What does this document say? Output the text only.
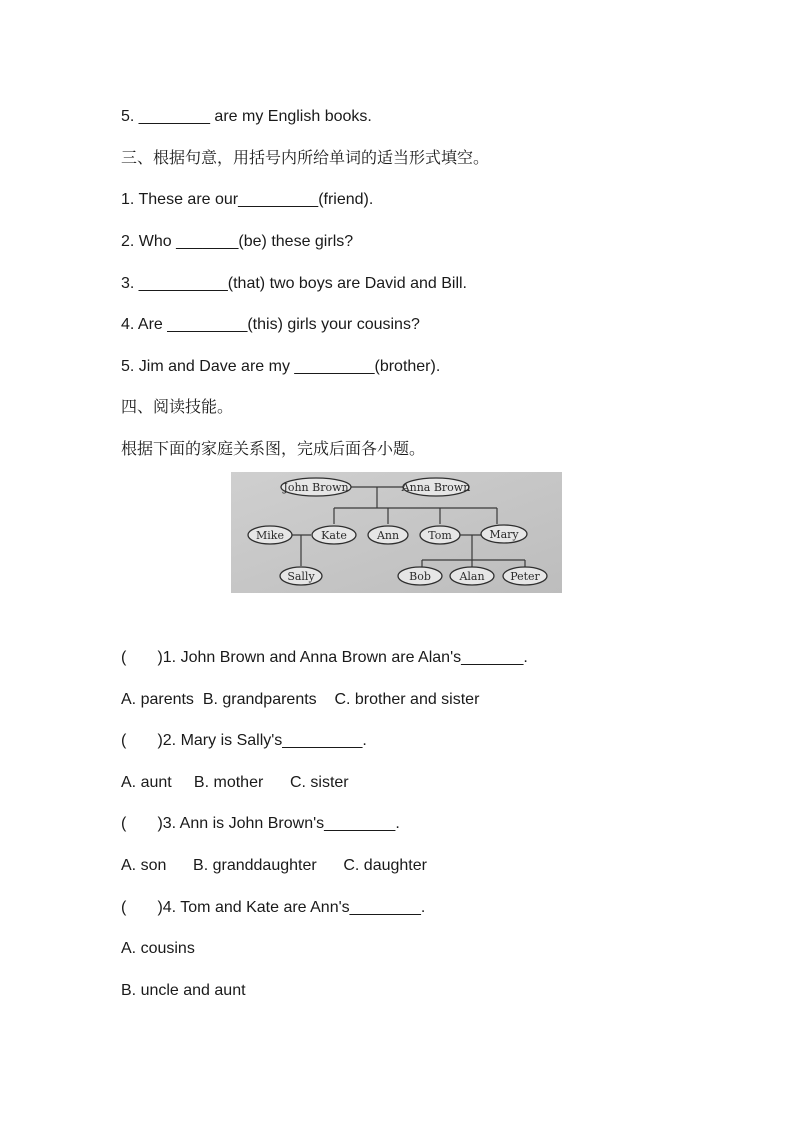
5. ________ are my English books.
三、根据句意，用括号内所给单词的适当形式填空。
1. These are our_________(friend).
2. Who _______(be) these girls?
3. __________(that) two boys are David and Bill.
4. Are _________(this) girls your cousins?
5. Jim and Dave are my _________(brother).
四、阅读技能。
根据下面的家庭关系图，完成后面各小题。
John Brown	Anna Brown
Mike	Kate	Ann	Tom	Mary
Sally	Bob	Alan Peter
(       )1. John Brown and Anna Brown are Alan's_______.
A. parents  B. grandparents    C. brother and sister
(       )2. Mary is Sally's_________.
A. aunt     B. mother      C. sister
(       )3. Ann is John Brown's________.
A. son      B. granddaughter      C. daughter
(       )4. Tom and Kate are Ann's________.
A. cousins
B. uncle and aunt
